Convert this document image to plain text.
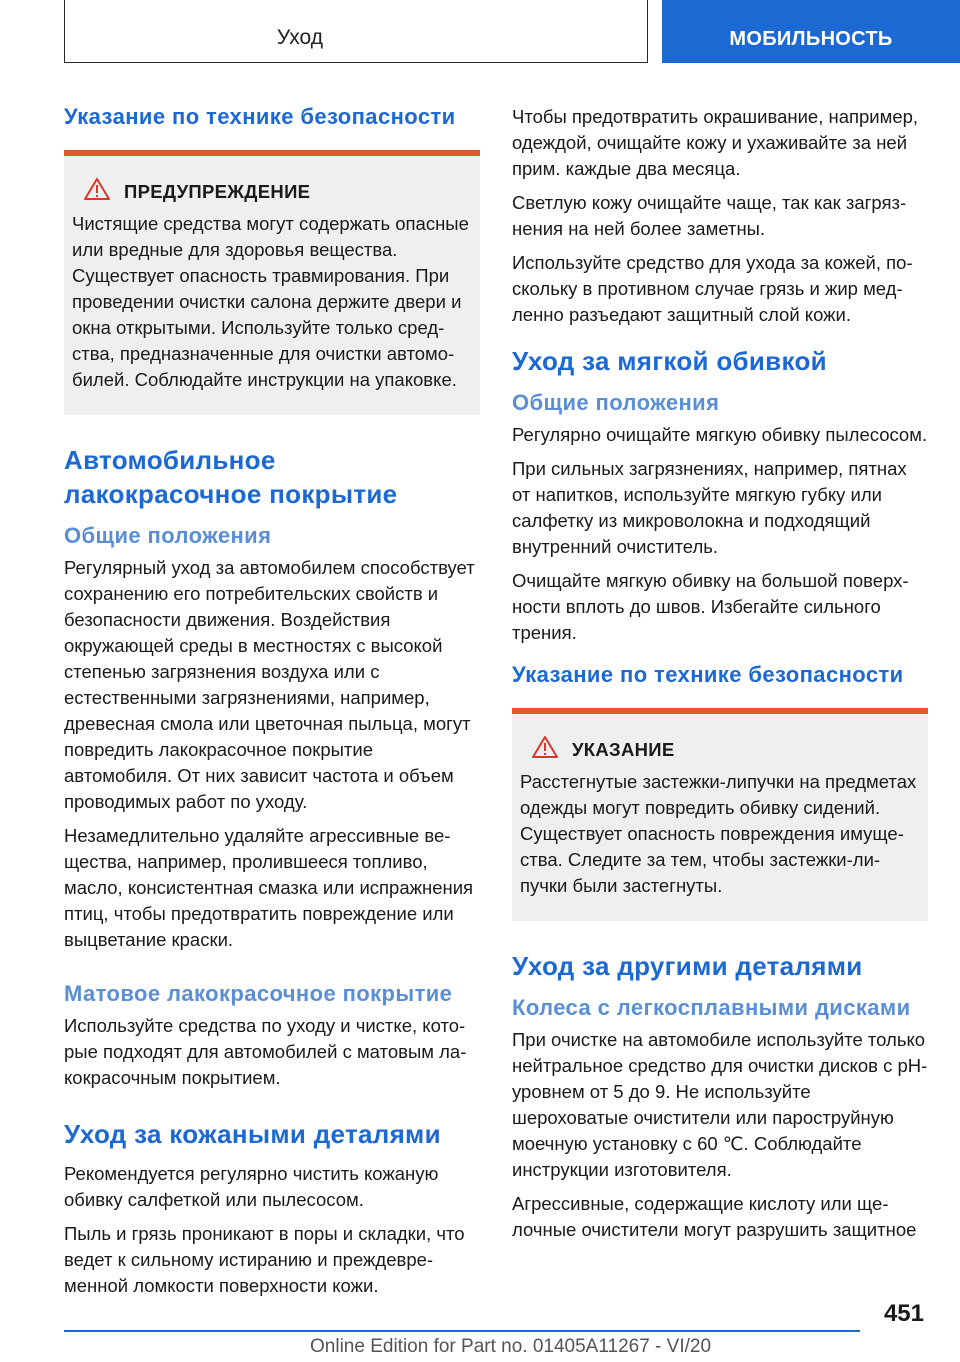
Уход	МОБИЛЬНОСТЬ
Указание по технике безопасности
ПРЕДУПРЕЖДЕНИЕ

Чистящие средства могут содержать опасные или вредные для здоровья вещества. Существует опасность травмирования. При проведении очистки салона держите двери и окна открытыми. Используйте только средства, предназначенные для очистки автомобилей. Соблюдайте инструкции на упаковке.

Автомобильное лакокрасочное покрытие
Общие положения

Регулярный уход за автомобилем способствует сохранению его потребительских свойств и безопасности движения. Воздействия окружающей среды в местностях с высокой степенью загрязнения воздуха или с естественными загрязнениями, например, древесная смола или цветочная пыльца, могут повредить лакокрасочное покрытие автомобиля. От них зависит частота и объем проводимых работ по уходу.

Незамедлительно удаляйте агрессивные вещества, например, пролившееся топливо, масло, консистентная смазка или испражнения птиц, чтобы предотвратить повреждение или выцветание краски.

Матовое лакокрасочное покрытие

Используйте средства по уходу и чистке, которые подходят для автомобилей с матовым лакокрасочным покрытием.

Уход за кожаными деталями

Рекомендуется регулярно чистить кожаную обивку салфеткой или пылесосом.

Пыль и грязь проникают в поры и складки, что ведет к сильному истиранию и преждевременной ломкости поверхности кожи.

Чтобы предотвратить окрашивание, например, одеждой, очищайте кожу и ухаживайте за ней прим. каждые два месяца.

Светлую кожу очищайте чаще, так как загрязнения на ней более заметны.

Используйте средство для ухода за кожей, поскольку в противном случае грязь и жир медленно разъедают защитный слой кожи.

Уход за мягкой обивкой
Общие положения

Регулярно очищайте мягкую обивку пылесосом.

При сильных загрязнениях, например, пятнах от напитков, используйте мягкую губку или салфетку из микроволокна и подходящий внутренний очиститель.

Очищайте мягкую обивку на большой поверхности вплоть до швов. Избегайте сильного трения.

Указание по технике безопасности
УКАЗАНИЕ

Расстегнутые застежки-липучки на предметах одежды могут повредить обивку сидений. Существует опасность повреждения имущества. Следите за тем, чтобы застежки-липучки были застегнуты.

Уход за другими деталями
Колеса с легкосплавными дисками

При очистке на автомобиле используйте только нейтральное средство для очистки дисков с pH-уровнем от 5 до 9. Не используйте шероховатые очистители или пароструйную моечную установку с 60 ℃. Соблюдайте инструкции изготовителя.

Агрессивные, содержащие кислоту или щелочные очистители могут разрушить защитное

451
Online Edition for Part no. 01405A11267 - VI/20
